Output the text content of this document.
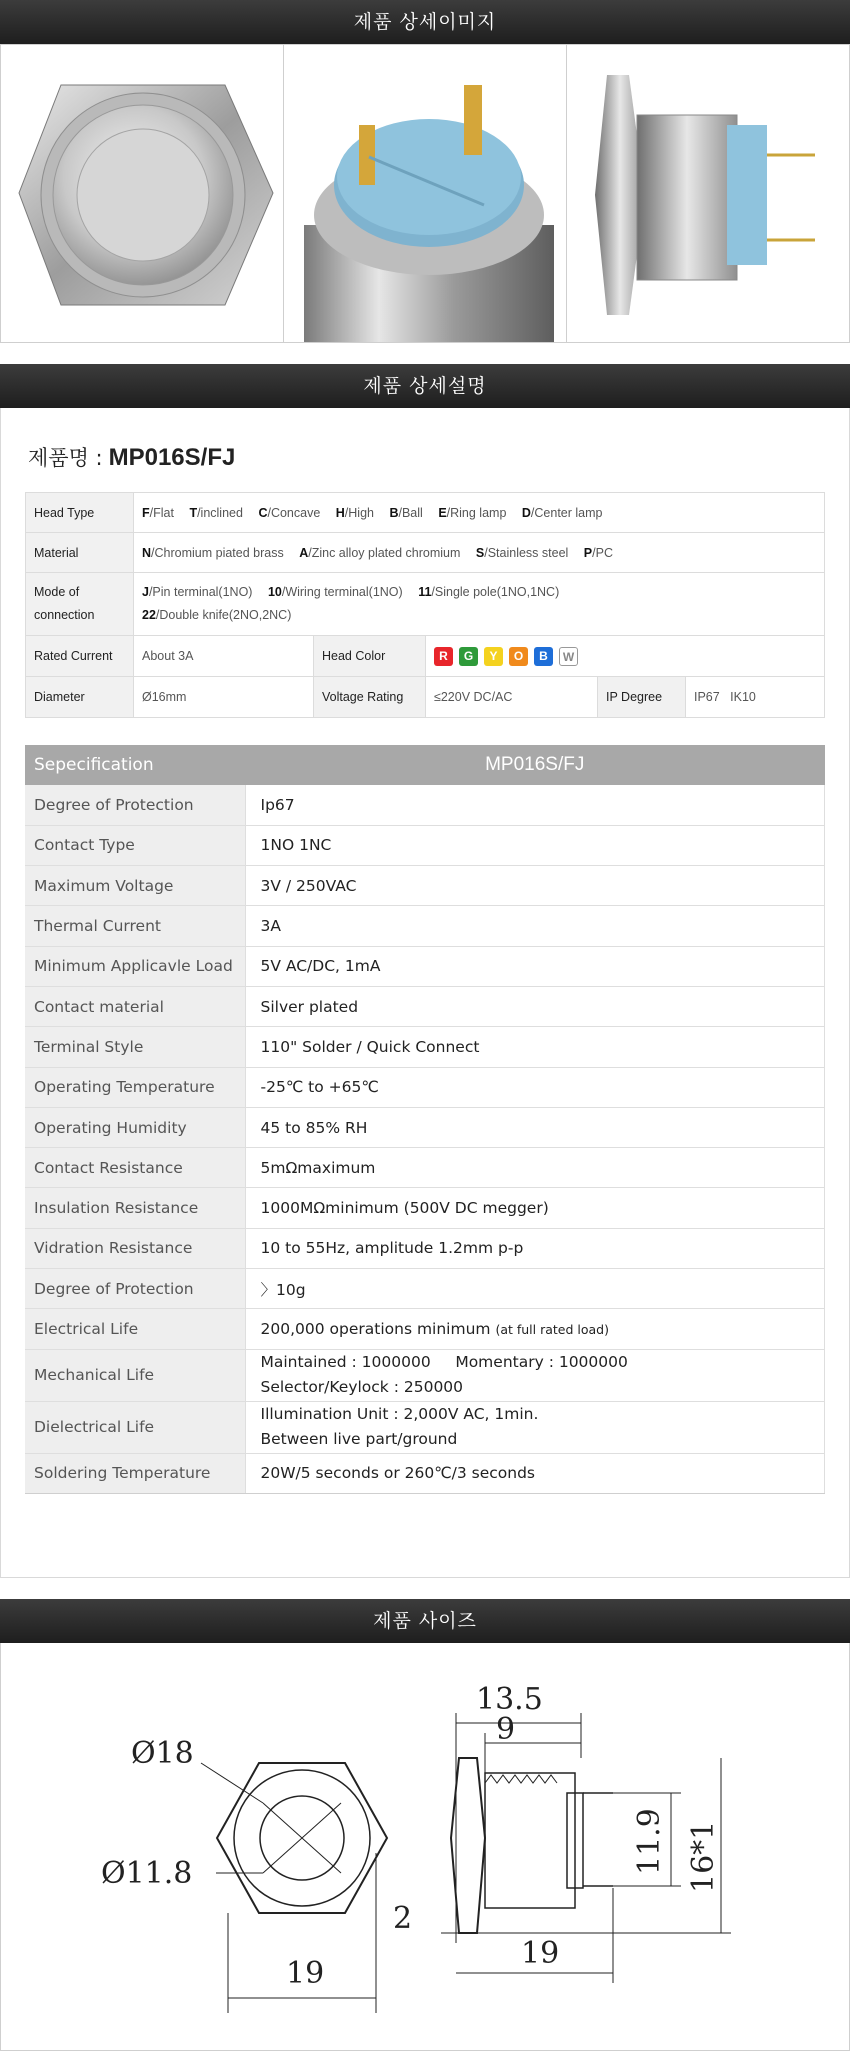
제품 상세이미지
제품 상세설명
제품명 : MP016S/FJ
Head Type	F/Flat T/inclined C/Concave H/High B/Ball E/Ring lamp D/Center lamp				
Material	N/Chromium piated brass A/Zinc alloy plated chromium S/Stainless steel P/PC				
Mode of
connection	J/Pin terminal(1NO) 10/Wiring terminal(1NO) 11/Single pole(1NO,1NC)
22/Double knife(2NO,2NC)				
Rated Current	About 3A	Head Color	R G Y O B W		
Diameter	Ø16mm	Voltage Rating	≤220V DC/AC	IP Degree	IP67   IK10
Sepecification	MP016S/FJ
Degree of Protection	Ip67
Contact Type	1NO 1NC
Maximum Voltage	3V / 250VAC
Thermal Current	3A
Minimum Applicavle Load	5V AC/DC, 1mA
Contact material	Silver plated
Terminal Style	110" Solder / Quick Connect
Operating Temperature	-25℃ to +65℃
Operating Humidity	45 to 85% RH
Contact Resistance	5mΩmaximum
Insulation Resistance	1000MΩminimum (500V DC megger)
Vidration Resistance	10 to 55Hz, amplitude 1.2mm p-p
Degree of Protection	〉10g
Electrical Life	200,000 operations minimum (at full rated load)
Mechanical Life	Maintained : 1000000     Momentary : 1000000
Selector/Keylock : 250000
Dielectrical Life	Illumination Unit : 2,000V AC, 1min.
Between live part/ground
Soldering Temperature	20W/5 seconds or 260℃/3 seconds
제품 사이즈
Ø18
Ø11.8
19
13.5
9
2
19
11.9 16*1
